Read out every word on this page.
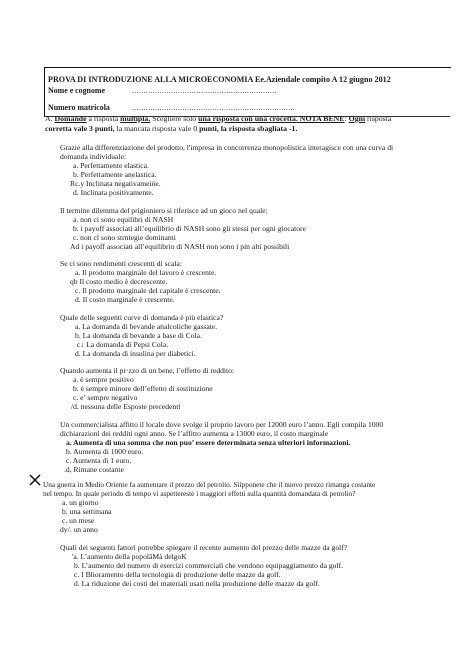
PROVA DI INTRODUZIONE ALLA MICROECONOMIA Ee.Aziendale compito A 12 giugno 2012
Nome e cognome	...............................................................
Numero matricola	.......................................................................
A. Domande a risposta multipla. Scegliere solo una risposta con una crocetta. NOTA BENE: Ogni risposta
corretta vale 3 punti, la mancata risposta vale 0 punti, la risposta sbagliata -1.
Grazie alla differenziazione del prodotto, l'impresa in concorrenza monopolistica interagisce con una curva di
domanda individuale:
a. Perfettamente elastica.
b. Perfettamente anelastica.
Rc.y Inclinata negativameiöe.
d. Inclinata positivamente.
Il termine dilemma del prigioniero si riferisce ad un gioco nel quale:
a. non ci sono equilibri di NASH
b. i payoff associati all’equilibrio di NASH sono gli stessi per ogni giocatore
c. non cl sono strntegie dominanti
Ad i payoff associati all’equilibrio di NASH non sono i pin alti possibili
Se ci sono rendimenti crescenti di scala:
a. Il prodotto marginale del lavoro è crescente.
qb Il costo medio è decrescente.
c. Il prodotto marginale del capitale è crescente.
d. Il costo marginale è crescente.
Quale delle seguenti curve di domanda è più elastica?
a. La domanda di bevande analcoliche gassate.
b. La domanda di bevande a base di Cola.
c↓ La domanda di Pepsi Cola.
d. La domanda di insulina per diabetici.
Quando aumenta il pr·zzo di un bene, l’effetto di reddito:
a. è sempre positivo
b. è sempre minore dell’effetto di sostituzione
c. e’ sempre negativo
/d. nessuna delle Esposte precedenti
Un commercialista affitto il locale dove svolge il proprio lavoro per 12000 euro l’anno. Egli compila 1000
dichiarazioni dei redditi ogni anno. Se l’affitto aumenta a 13000 euro, il costo marginale
a. Aumenta di una somma che non puo’ essere determinata senza ulteriori informazioni.
b. Aumenta di 1000 euro.
c. Aumenta di 1 euro.
.d, Rimane costante
Una guerra in Medio Oriente fa aumentare il prezzo del petrolio. Siipponete che il nuovo prezzo rimanga costante
nel tempo. In quale periodo di tempo vi aspettereste i maggiori effetti sulla quantità domandata di petrolio?
a. un giorno
b. una settimana
c. un mese
dy/. un anno
Quali dei seguenti fattori potrebbe spiegare il recente aumento del prezzo delle mazze da golf?
'a. L’aumento della popolâMà delgoK
b. L’aumento del numero di esercizi commerciali che vendono equipaggiamento da golf.
c. I Blioramento della tecnologia di produzione delle mazze da golf.
d. La riduzione dei costi dei materiali usati nella produzione delle mazze da golf.
